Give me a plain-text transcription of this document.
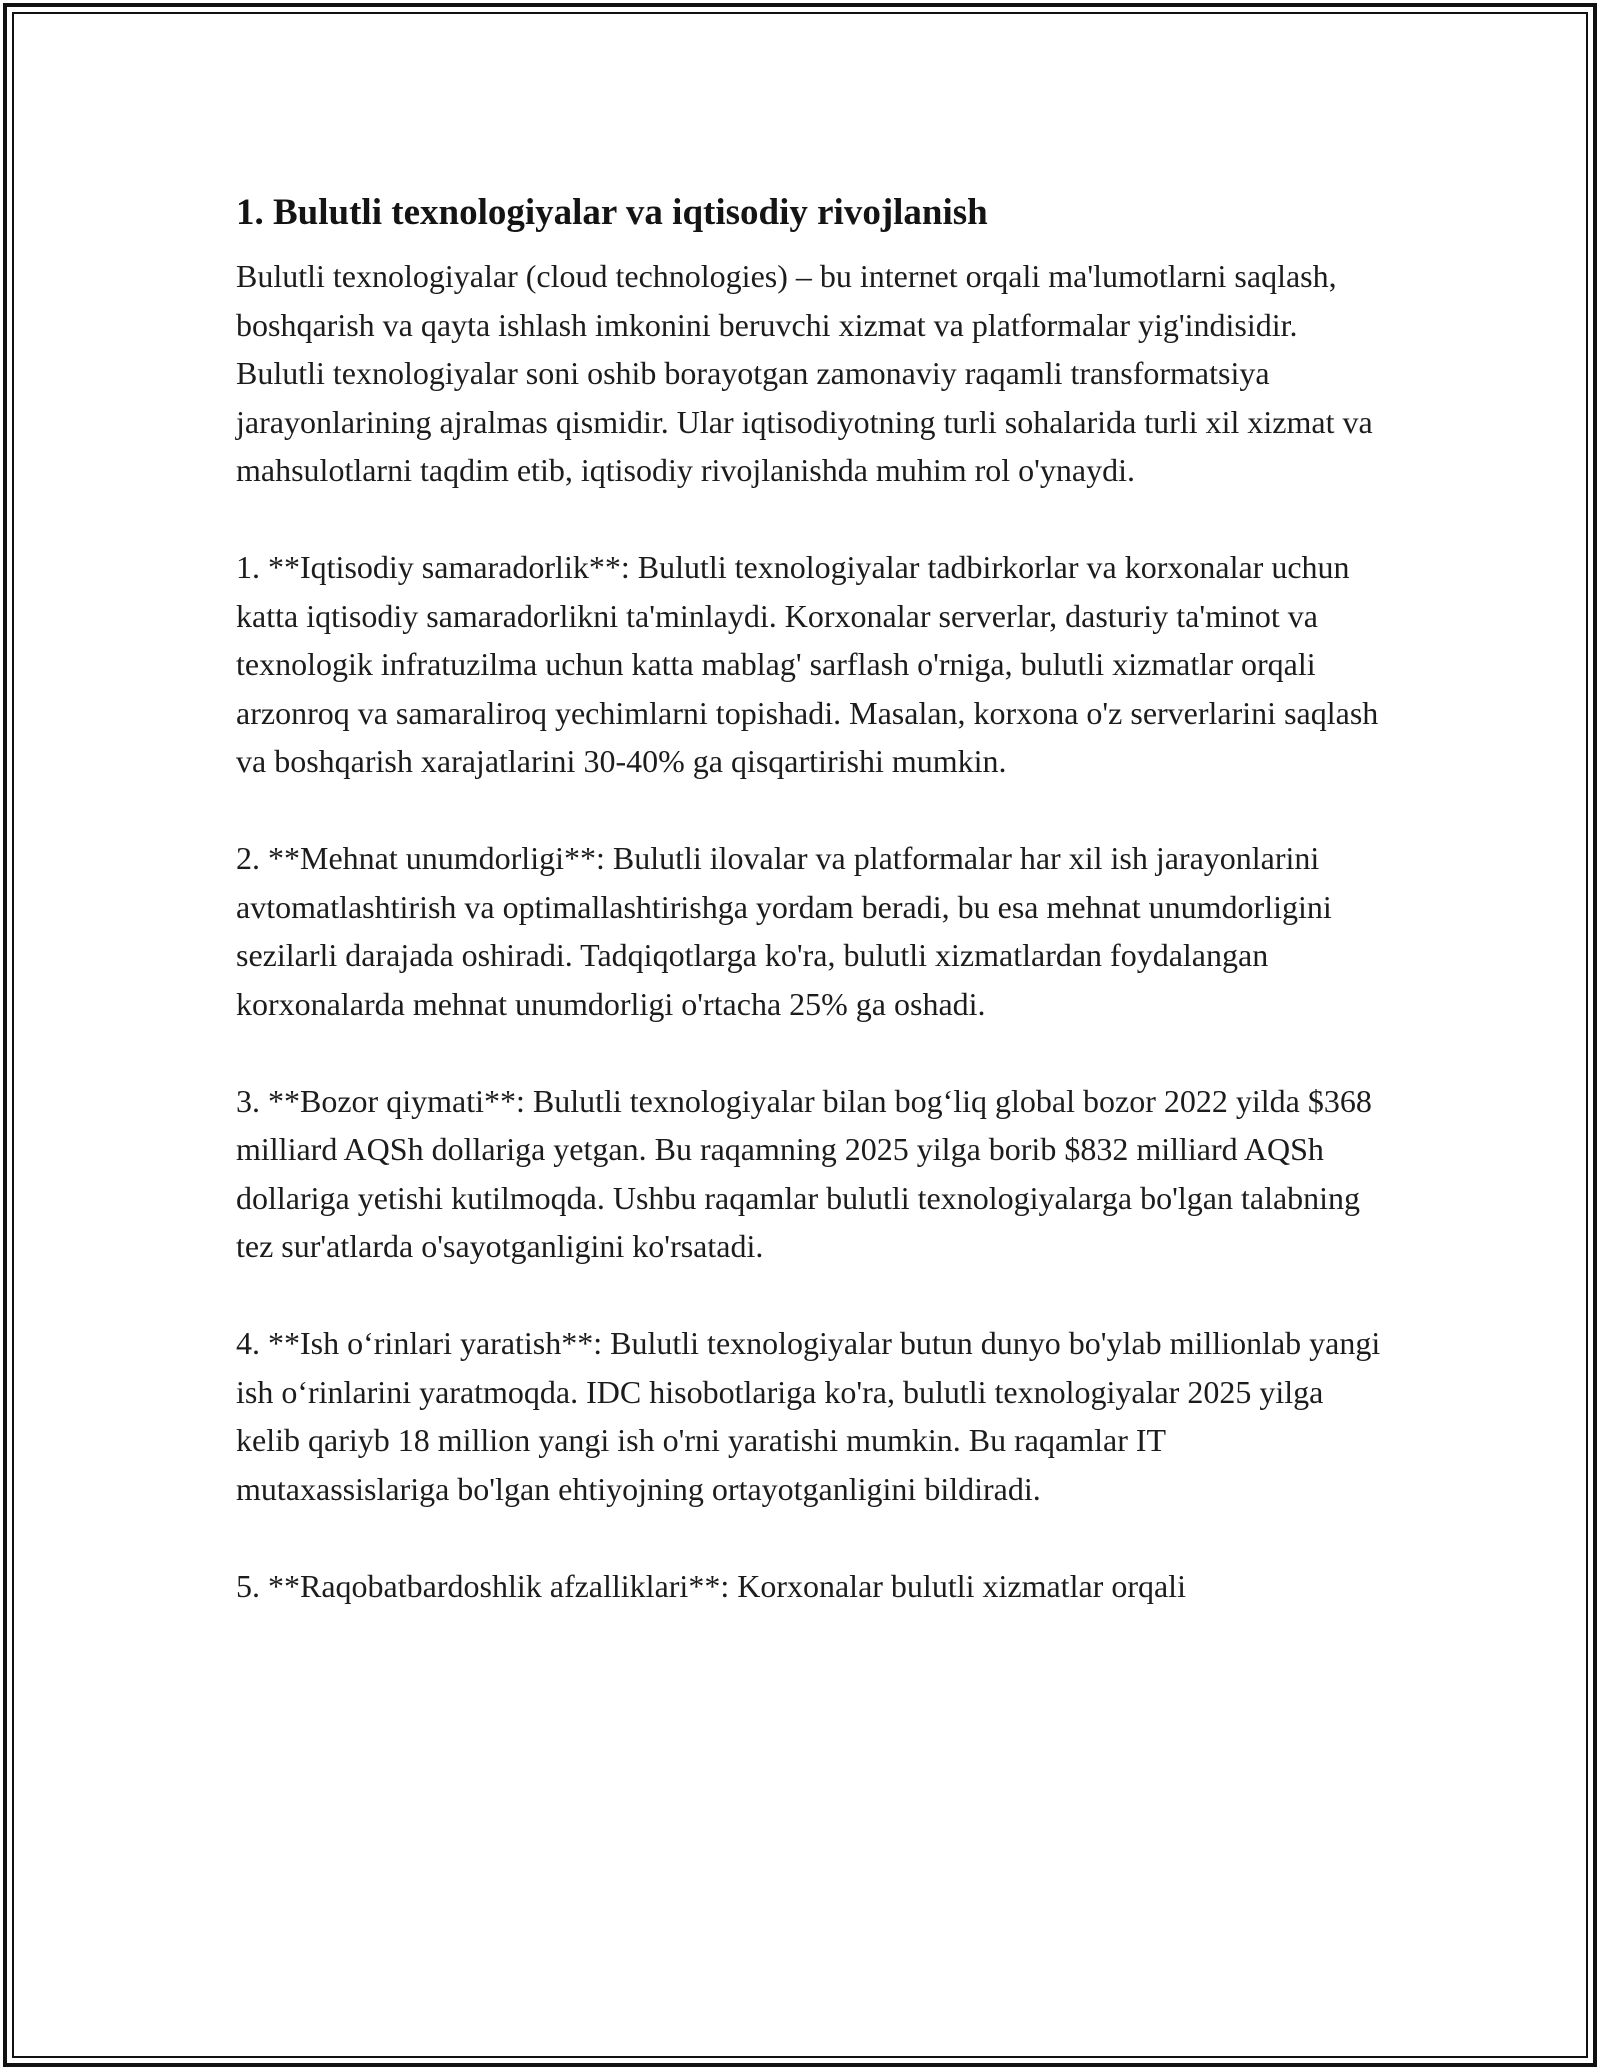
1. Bulutli texnologiyalar va iqtisodiy rivojlanish

Bulutli texnologiyalar (cloud technologies) – bu internet orqali ma'lumotlarni saqlash, boshqarish va qayta ishlash imkonini beruvchi xizmat va platformalar yig'indisidir. Bulutli texnologiyalar soni oshib borayotgan zamonaviy raqamli transformatsiya jarayonlarining ajralmas qismidir. Ular iqtisodiyotning turli sohalarida turli xil xizmat va mahsulotlarni taqdim etib, iqtisodiy rivojlanishda muhim rol o'ynaydi.

1. **Iqtisodiy samaradorlik**: Bulutli texnologiyalar tadbirkorlar va korxonalar uchun katta iqtisodiy samaradorlikni ta'minlaydi. Korxonalar serverlar, dasturiy ta'minot va texnologik infratuzilma uchun katta mablag' sarflash o'rniga, bulutli xizmatlar orqali arzonroq va samaraliroq yechimlarni topishadi. Masalan, korxona o'z serverlarini saqlash va boshqarish xarajatlarini 30-40% ga qisqartirishi mumkin.

2. **Mehnat unumdorligi**: Bulutli ilovalar va platformalar har xil ish jarayonlarini avtomatlashtirish va optimallashtirishga yordam beradi, bu esa mehnat unumdorligini sezilarli darajada oshiradi. Tadqiqotlarga ko'ra, bulutli xizmatlardan foydalangan korxonalarda mehnat unumdorligi o'rtacha 25% ga oshadi.

3. **Bozor qiymati**: Bulutli texnologiyalar bilan bog‘liq global bozor 2022 yilda $368 milliard AQSh dollariga yetgan. Bu raqamning 2025 yilga borib $832 milliard AQSh dollariga yetishi kutilmoqda. Ushbu raqamlar bulutli texnologiyalarga bo'lgan talabning tez sur'atlarda o'sayotganligini ko'rsatadi.

4. **Ish o‘rinlari yaratish**: Bulutli texnologiyalar butun dunyo bo'ylab millionlab yangi ish o‘rinlarini yaratmoqda. IDC hisobotlariga ko'ra, bulutli texnologiyalar 2025 yilga kelib qariyb 18 million yangi ish o'rni yaratishi mumkin. Bu raqamlar IT mutaxassislariga bo'lgan ehtiyojning ortayotganligini bildiradi.

5. **Raqobatbardoshlik afzalliklari**: Korxonalar bulutli xizmatlar orqali
